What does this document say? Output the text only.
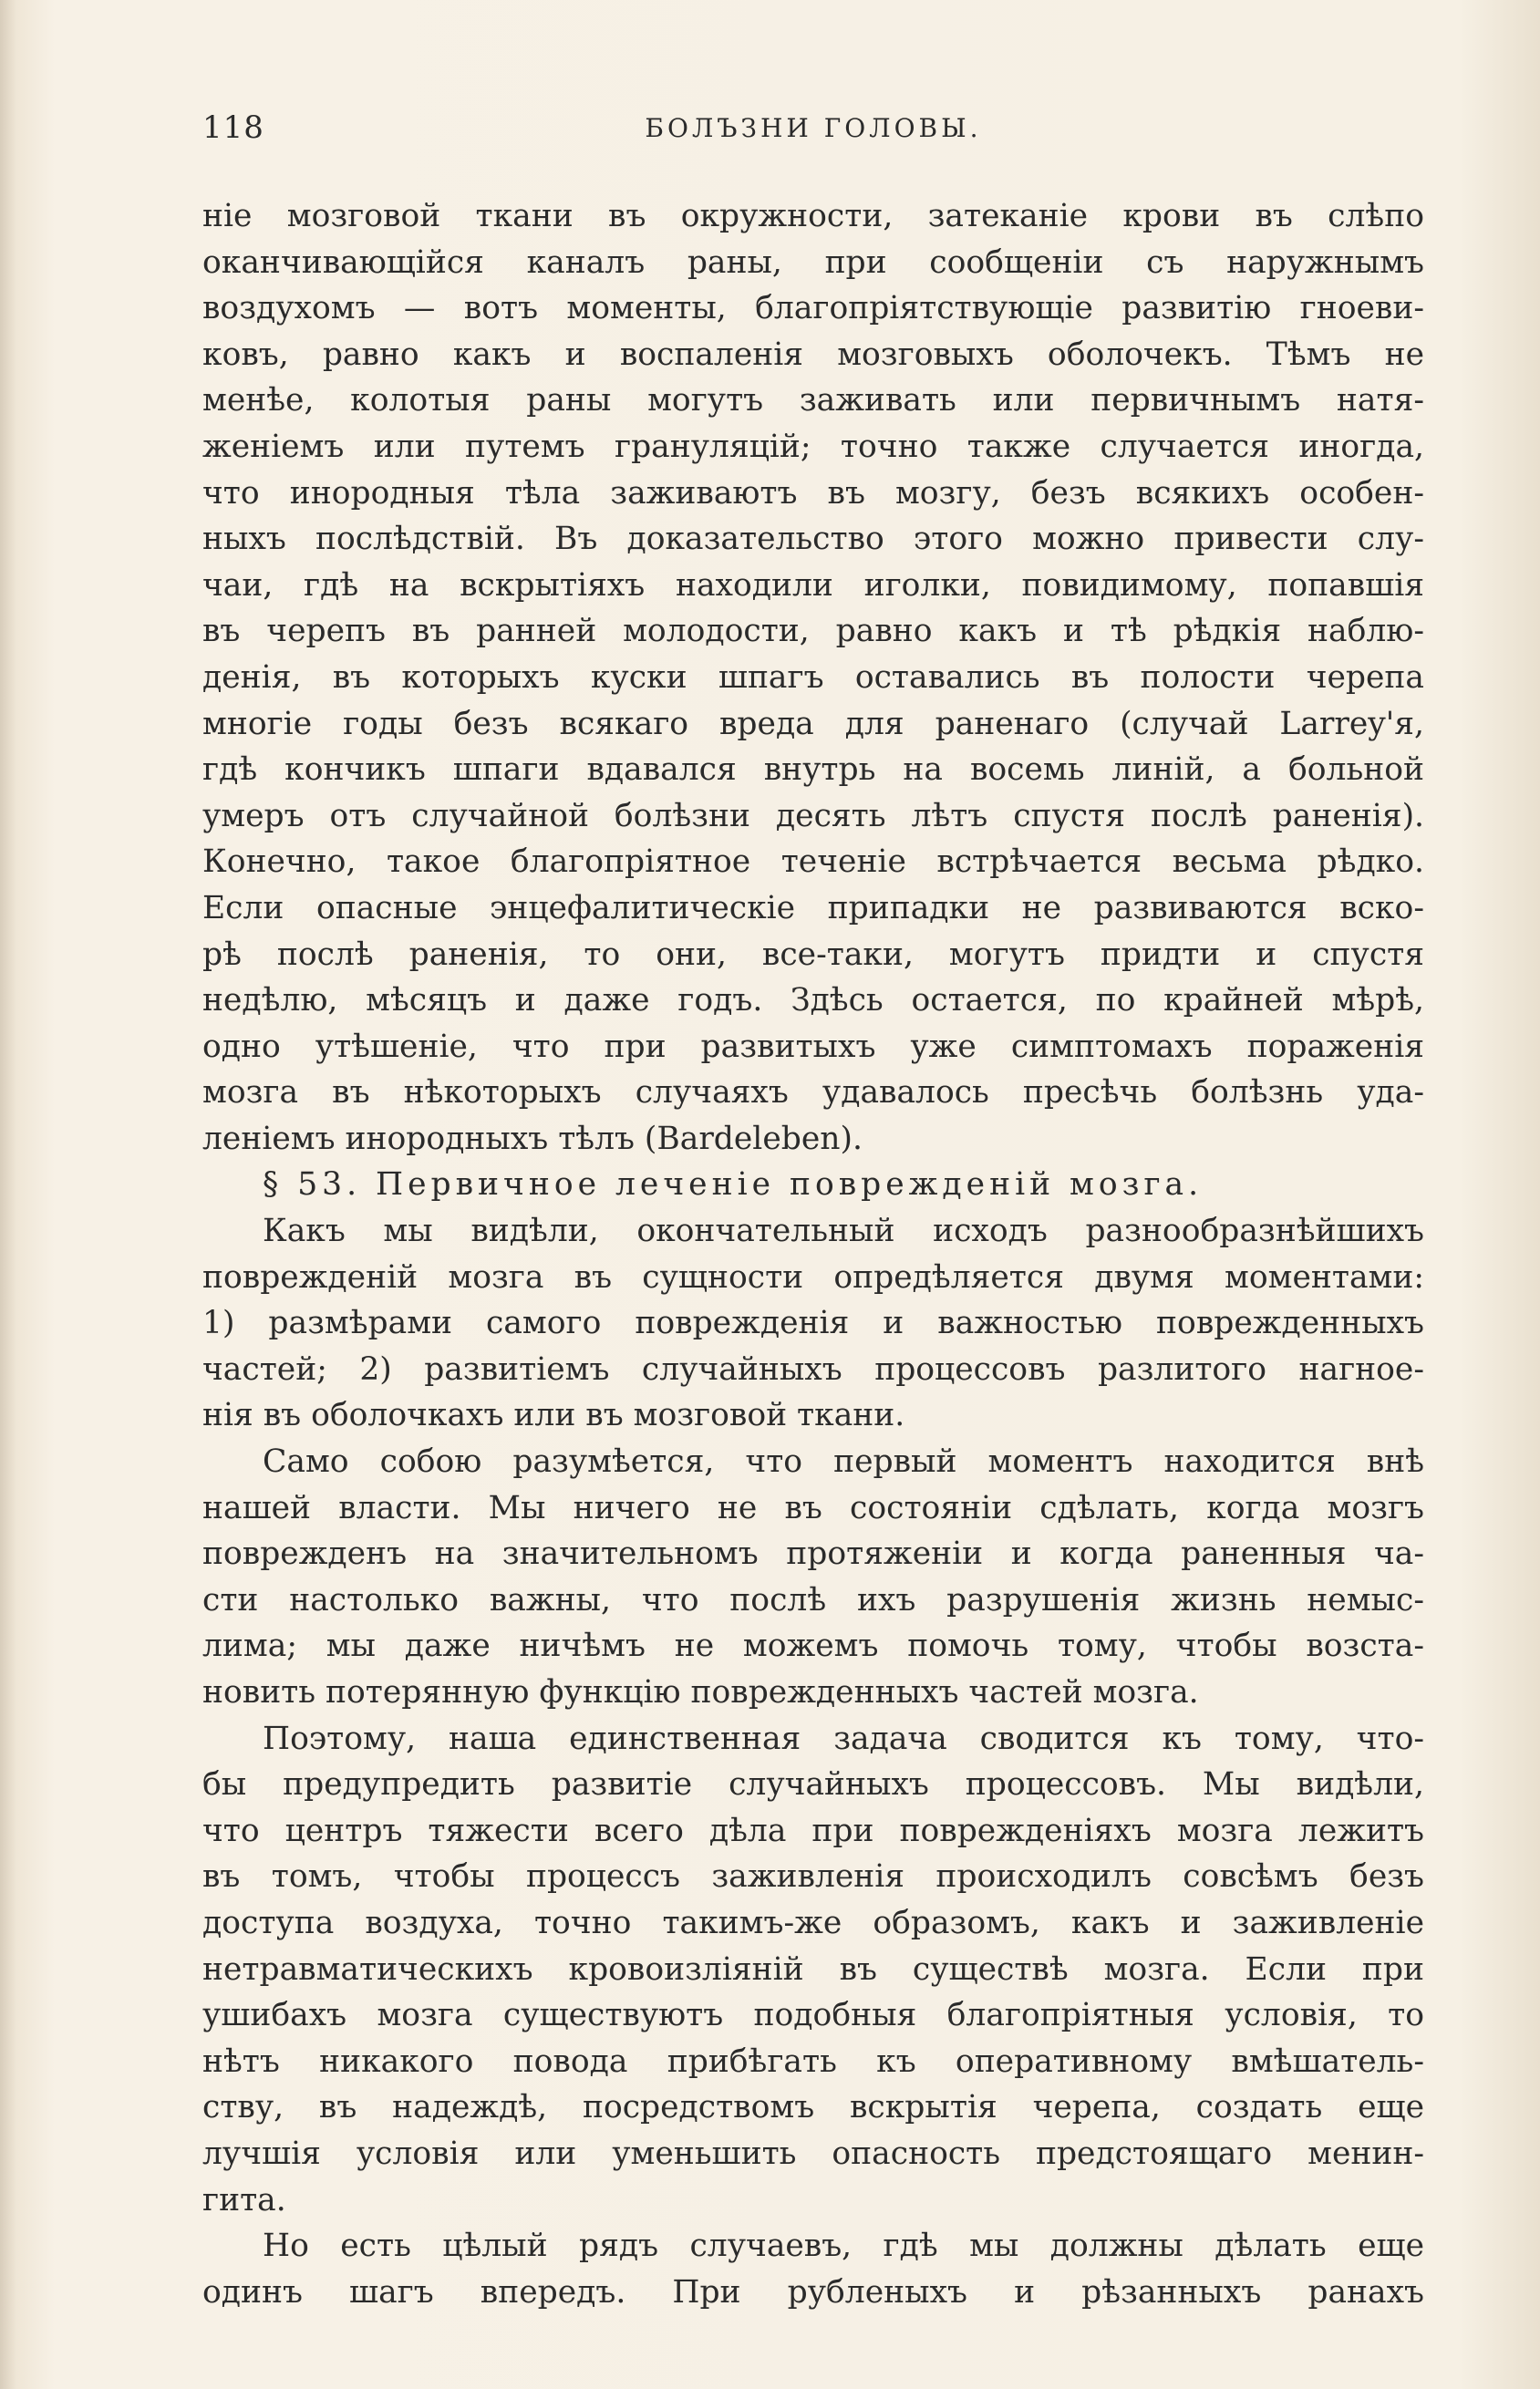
118	БОЛЪЗНИ ГОЛОВЫ.
ніе мозговой ткани въ окружности, затеканіе крови въ слѣпо
оканчивающійся каналъ раны, при сообщеніи съ наружнымъ
воздухомъ — вотъ моменты, благопріятствующіе развитію гноеви-
ковъ, равно какъ и воспаленія мозговыхъ оболочекъ. Тѣмъ не
менѣе, колотыя раны могутъ заживать или первичнымъ натя-
женіемъ или путемъ грануляцій; точно также случается иногда,
что инородныя тѣла заживаютъ въ мозгу, безъ всякихъ особен-
ныхъ послѣдствій. Въ доказательство этого можно привести слу-
чаи, гдѣ на вскрытіяхъ находили иголки, повидимому, попавшія
въ черепъ въ ранней молодости, равно какъ и тѣ рѣдкія наблю-
денія, въ которыхъ куски шпагъ оставались въ полости черепа
многіе годы безъ всякаго вреда для раненаго (случай Larrey'я,
гдѣ кончикъ шпаги вдавался внутрь на восемь линій, а больной
умеръ отъ случайной болѣзни десять лѣтъ спустя послѣ раненія).
Конечно, такое благопріятное теченіе встрѣчается весьма рѣдко.
Если опасные энцефалитическіе припадки не развиваются вско-
рѣ послѣ раненія, то они, все-таки, могутъ придти и спустя
недѣлю, мѣсяцъ и даже годъ. Здѣсь остается, по крайней мѣрѣ,
одно утѣшеніе, что при развитыхъ уже симптомахъ пораженія
мозга въ нѣкоторыхъ случаяхъ удавалось пресѣчь болѣзнь уда-
леніемъ инородныхъ тѣлъ (Bardeleben).
§ 53. Первичное леченіе поврежденій мозга.
Какъ мы видѣли, окончательный исходъ разнообразнѣйшихъ
поврежденій мозга въ сущности опредѣляется двумя моментами:
1) размѣрами самого поврежденія и важностью поврежденныхъ
частей; 2) развитіемъ случайныхъ процессовъ разлитого нагное-
нія въ оболочкахъ или въ мозговой ткани.
Само собою разумѣется, что первый моментъ находится внѣ
нашей власти. Мы ничего не въ состояніи сдѣлать, когда мозгъ
поврежденъ на значительномъ протяженіи и когда раненныя ча-
сти настолько важны, что послѣ ихъ разрушенія жизнь немыс-
лима; мы даже ничѣмъ не можемъ помочь тому, чтобы возста-
новить потерянную функцію поврежденныхъ частей мозга.
Поэтому, наша единственная задача сводится къ тому, что-
бы предупредить развитіе случайныхъ процессовъ. Мы видѣли,
что центръ тяжести всего дѣла при поврежденіяхъ мозга лежитъ
въ томъ, чтобы процессъ заживленія происходилъ совсѣмъ безъ
доступа воздуха, точно такимъ-же образомъ, какъ и заживленіе
нетравматическихъ кровоизліяній въ существѣ мозга. Если при
ушибахъ мозга существуютъ подобныя благопріятныя условія, то
нѣтъ никакого повода прибѣгать къ оперативному вмѣшатель-
ству, въ надеждѣ, посредствомъ вскрытія черепа, создать еще
лучшія условія или уменьшить опасность предстоящаго менин-
гита.
Но есть цѣлый рядъ случаевъ, гдѣ мы должны дѣлать еще
одинъ шагъ впередъ. При рубленыхъ и рѣзанныхъ ранахъ
